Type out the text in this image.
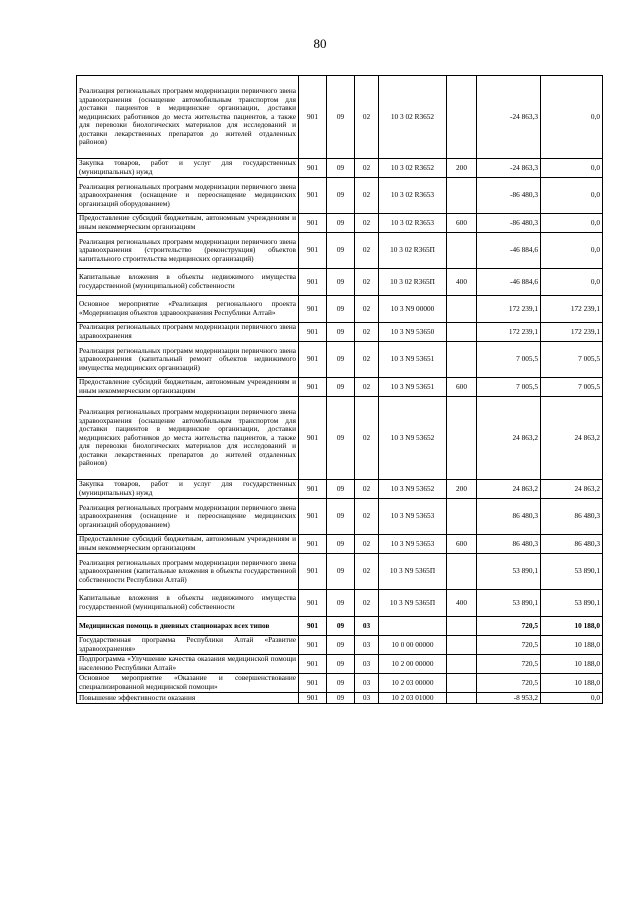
80
Реализация региональных программ модернизации первичного звена здравоохранения (оснащение автомобильным транспортом для доставки пациентов в медицинские организации, доставки медицинских работников до места жительства пациентов, а также для перевозки биологических материалов для исследований и доставки лекарственных препаратов до жителей отдаленных районов)	901	09	02	10 3 02 R3652		-24 863,3	0,0
Закупка товаров, работ и услуг для государственных (муниципальных) нужд	901	09	02	10 3 02 R3652	200	-24 863,3	0,0
Реализация региональных программ модернизации первичного звена здравоохранения (оснащение и переоснащение медицинских организаций оборудованием)	901	09	02	10 3 02 R3653		-86 480,3	0,0
Предоставление субсидий бюджетным, автономным учреждениям и иным некоммерческим организациям	901	09	02	10 3 02 R3653	600	-86 480,3	0,0
Реализация региональных программ модернизации первичного звена здравоохранения (строительство (реконструкция) объектов капитального строительства медицинских организаций)	901	09	02	10 3 02 R365П		-46 884,6	0,0
Капитальные вложения в объекты недвижимого имущества государственной (муниципальной) собственности	901	09	02	10 3 02 R365П	400	-46 884,6	0,0
Основное мероприятие «Реализация регионального проекта «Модернизация объектов здравоохранения Республики Алтай»	901	09	02	10 3 N9 00000		172 239,1	172 239,1
Реализация региональных программ модернизации первичного звена здравоохранения	901	09	02	10 3 N9 53650		172 239,1	172 239,1
Реализация региональных программ модернизации первичного звена здравоохранения (капитальный ремонт объектов недвижимого имущества медицинских организаций)	901	09	02	10 3 N9 53651		7 005,5	7 005,5
Предоставление субсидий бюджетным, автономным учреждениям и иным некоммерческим организациям	901	09	02	10 3 N9 53651	600	7 005,5	7 005,5
Реализация региональных программ модернизации первичного звена здравоохранения (оснащение автомобильным транспортом для доставки пациентов в медицинские организации, доставки медицинских работников до места жительства пациентов, а также для перевозки биологических материалов для исследований и доставки лекарственных препаратов до жителей отдаленных районов)	901	09	02	10 3 N9 53652		24 863,2	24 863,2
Закупка товаров, работ и услуг для государственных (муниципальных) нужд	901	09	02	10 3 N9 53652	200	24 863,2	24 863,2
Реализация региональных программ модернизации первичного звена здравоохранения (оснащение и переоснащение медицинских организаций оборудованием)	901	09	02	10 3 N9 53653		86 480,3	86 480,3
Предоставление субсидий бюджетным, автономным учреждениям и иным некоммерческим организациям	901	09	02	10 3 N9 53653	600	86 480,3	86 480,3
Реализация региональных программ модернизации первичного звена здравоохранения (капитальные вложения в объекты государственной собственности Республики Алтай)	901	09	02	10 3 N9 5365П		53 890,1	53 890,1
Капитальные вложения в объекты недвижимого имущества государственной (муниципальной) собственности	901	09	02	10 3 N9 5365П	400	53 890,1	53 890,1
Медицинская помощь в дневных стационарах всех типов	901	09	03			720,5	10 188,0
Государственная программа Республики Алтай «Развитие здравоохранения»	901	09	03	10 0 00 00000		720,5	10 188,0
Подпрограмма «Улучшение качества оказания медицинской помощи населению Республики Алтай»	901	09	03	10 2 00 00000		720,5	10 188,0
Основное мероприятие «Оказание и совершенствование специализированной медицинской помощи»	901	09	03	10 2 03 00000		720,5	10 188,0
Повышение эффективности оказания	901	09	03	10 2 03 01000		-8 953,2	0,0
